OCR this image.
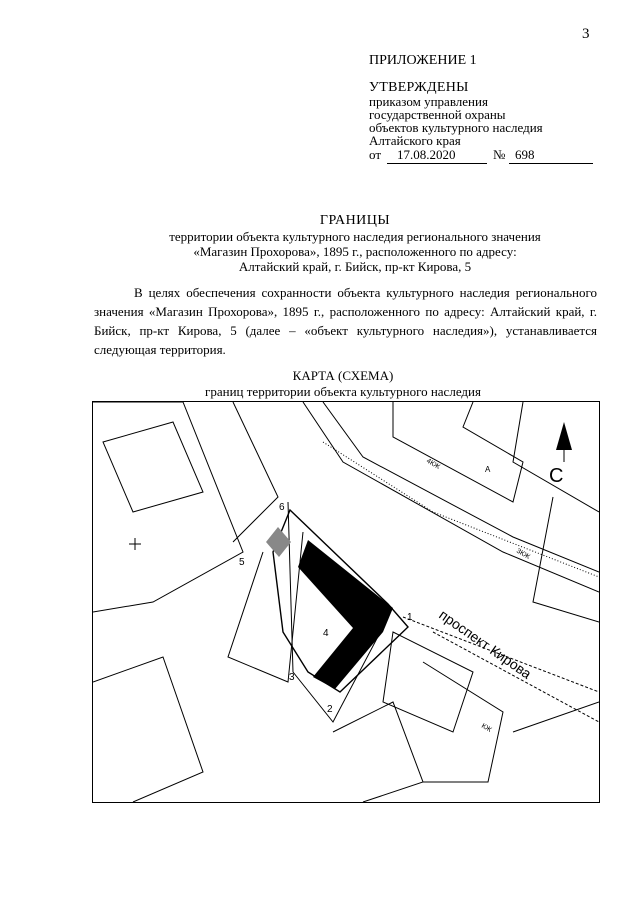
3
ПРИЛОЖЕНИЕ 1
УТВЕРЖДЕНЫ
приказом управления
государственной охраны
объектов культурного наследия
Алтайского края
от 17.08.2020	№ 698
ГРАНИЦЫ
территории объекта культурного наследия регионального значения
«Магазин Прохорова», 1895 г., расположенного по адресу:
Алтайский край, г. Бийск, пр-кт Кирова, 5

В целях обеспечения сохранности объекта культурного наследия регионального значения «Магазин Прохорова», 1895 г., расположенного по адресу: Алтайский край, г. Бийск, пр-кт Кирова, 5 (далее – «объект культурного наследия»), устанавливается следующая территория.

КАРТА (СХЕМА)
границ территории объекта культурного наследия
С
проспект Кирова
1
2
3
4
5
6
4КЖ
3КЖ
А
КЖ
